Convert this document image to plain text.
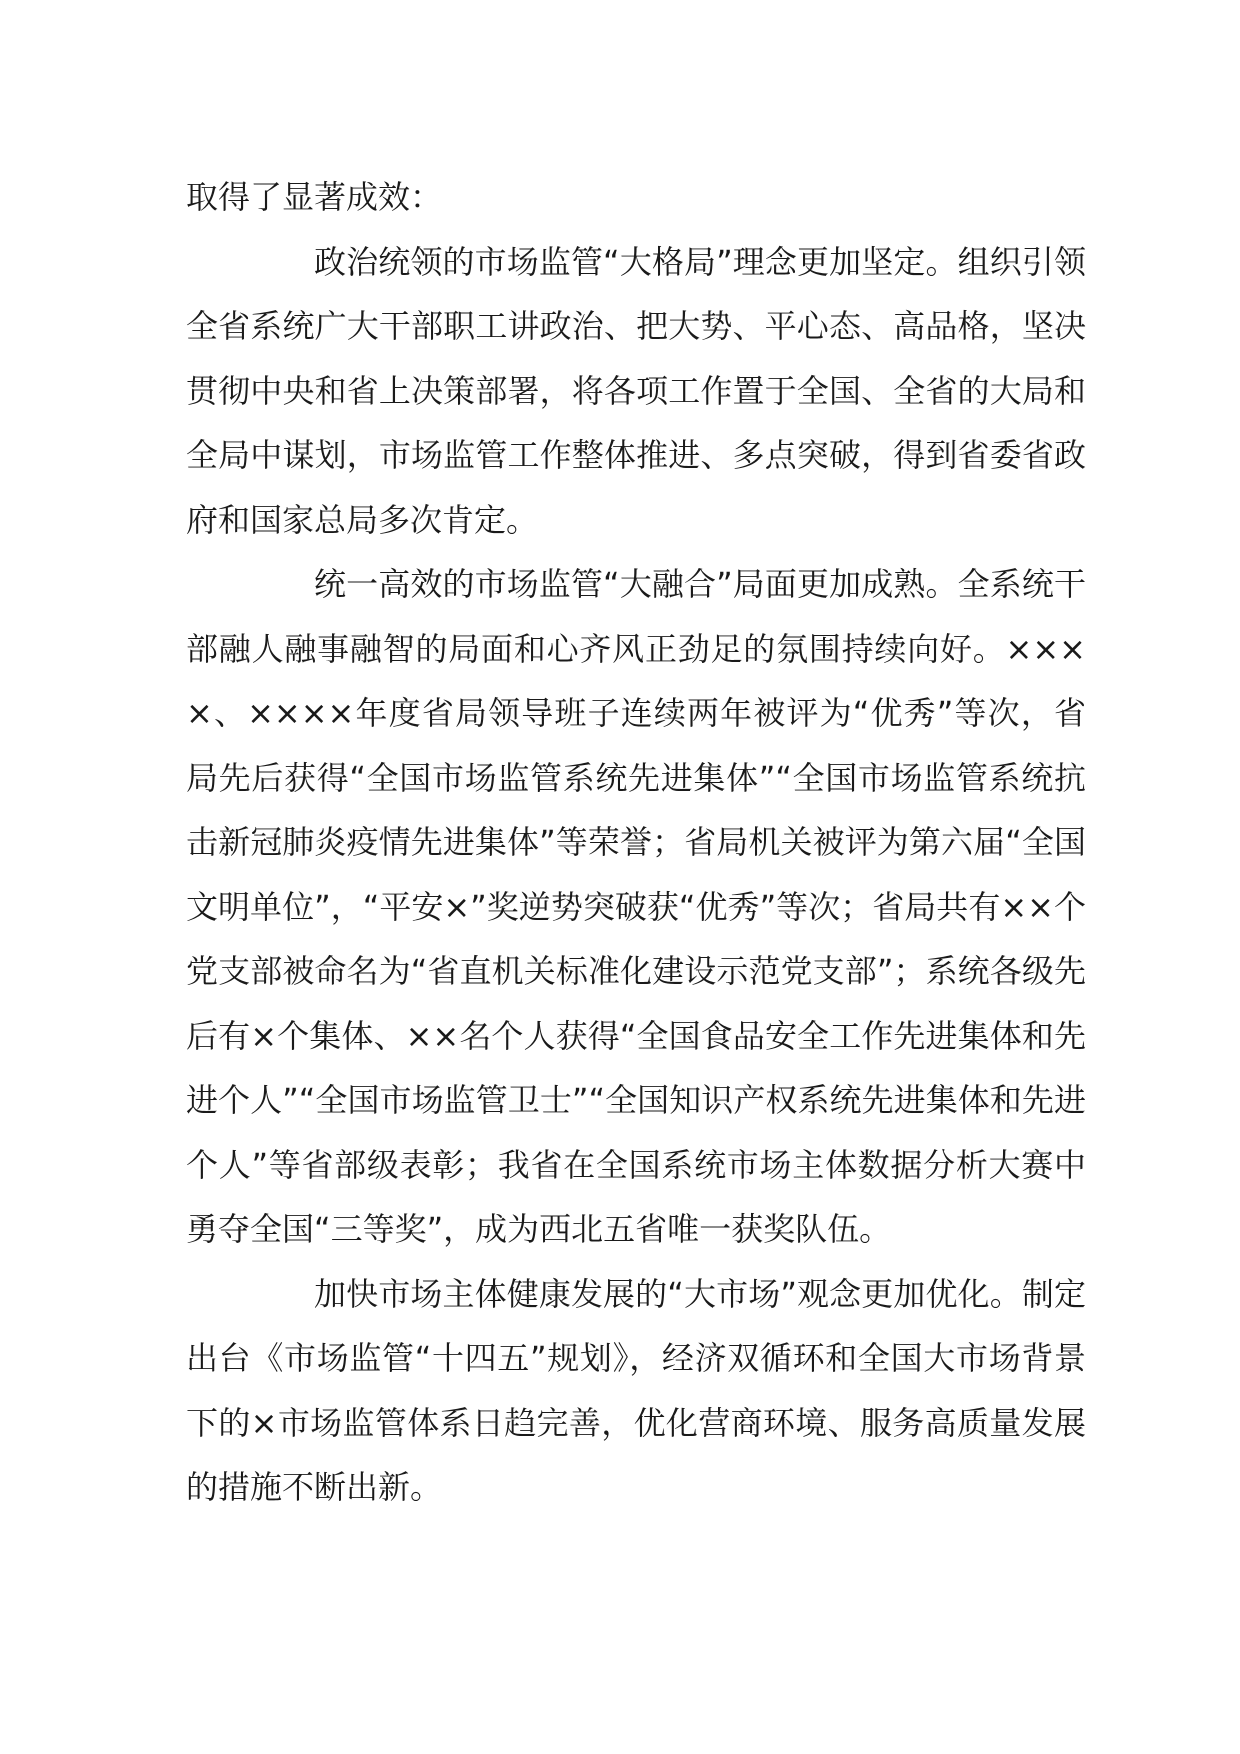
取得了显著成效：

政治统领的市场监管“大格局”理念更加坚定。组织引领全省系统广大干部职工讲政治、把大势、平心态、高品格，坚决贯彻中央和省上决策部署，将各项工作置于全国、全省的大局和全局中谋划，市场监管工作整体推进、多点突破，得到省委省政府和国家总局多次肯定。

统一高效的市场监管“大融合”局面更加成熟。全系统干部融人融事融智的局面和心齐风正劲足的氛围持续向好。××××、××××年度省局领导班子连续两年被评为“优秀”等次，省局先后获得“全国市场监管系统先进集体”“全国市场监管系统抗击新冠肺炎疫情先进集体”等荣誉；省局机关被评为第六届“全国文明单位”，“平安×”奖逆势突破获“优秀”等次；省局共有××个党支部被命名为“省直机关标准化建设示范党支部”；系统各级先后有×个集体、××名个人获得“全国食品安全工作先进集体和先进个人”“全国市场监管卫士”“全国知识产权系统先进集体和先进个人”等省部级表彰；我省在全国系统市场主体数据分析大赛中勇夺全国“三等奖”，成为西北五省唯一获奖队伍。

加快市场主体健康发展的“大市场”观念更加优化。制定出台《市场监管“十四五”规划》，经济双循环和全国大市场背景下的×市场监管体系日趋完善，优化营商环境、服务高质量发展的措施不断出新。
